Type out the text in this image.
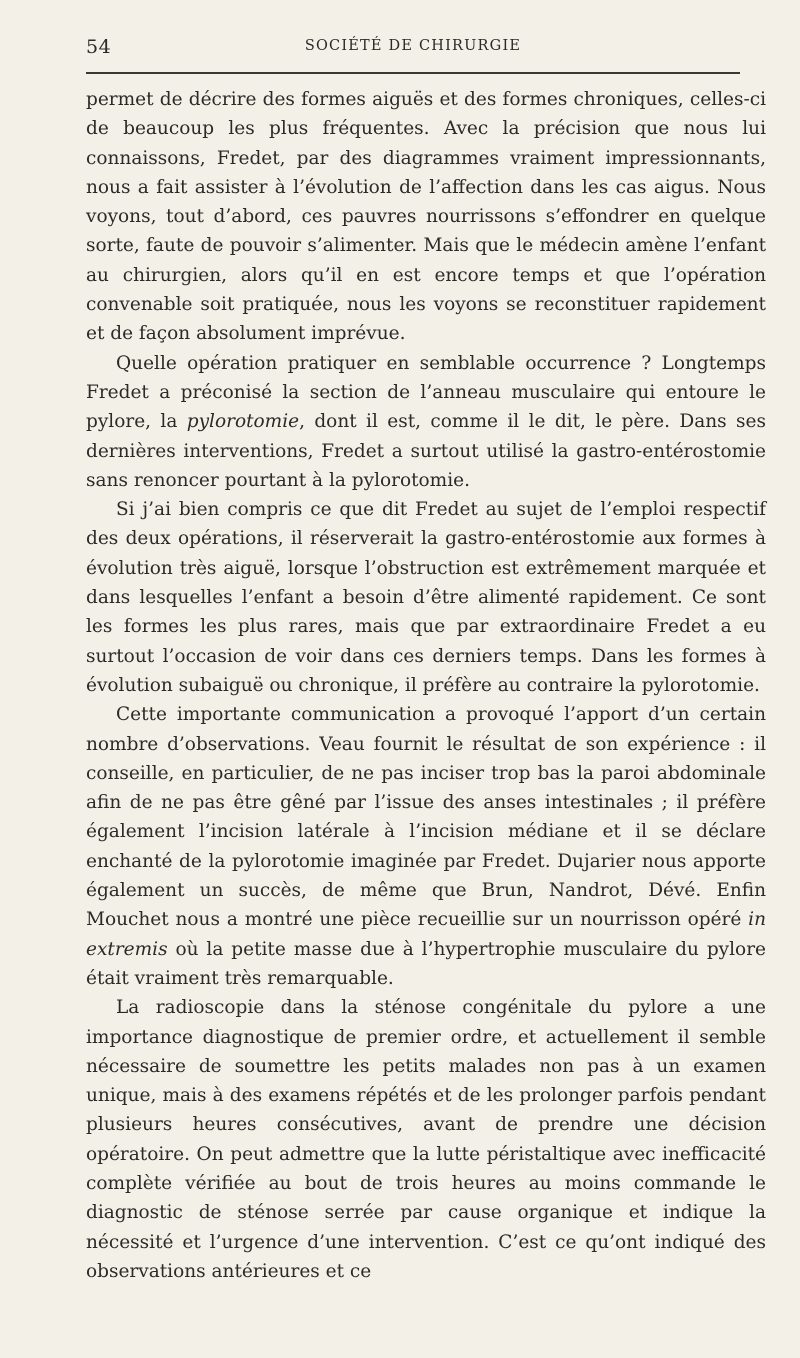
54	SOCIÉTÉ DE CHIRURGIE

permet de décrire des formes aiguës et des formes chroniques, celles-ci de beaucoup les plus fréquentes. Avec la précision que nous lui connaissons, Fredet, par des diagrammes vraiment impressionnants, nous a fait assister à l’évolution de l’affection dans les cas aigus. Nous voyons, tout d’abord, ces pauvres nourrissons s’effondrer en quelque sorte, faute de pouvoir s’alimenter. Mais que le médecin amène l’enfant au chirurgien, alors qu’il en est encore temps et que l’opération convenable soit pratiquée, nous les voyons se reconstituer rapidement et de façon absolument imprévue.

Quelle opération pratiquer en semblable occurrence ? Longtemps Fredet a préconisé la section de l’anneau musculaire qui entoure le pylore, la pylorotomie, dont il est, comme il le dit, le père. Dans ses dernières interventions, Fredet a surtout utilisé la gastro-entérostomie sans renoncer pourtant à la pylorotomie.

Si j’ai bien compris ce que dit Fredet au sujet de l’emploi respectif des deux opérations, il réserverait la gastro-entérostomie aux formes à évolution très aiguë, lorsque l’obstruction est extrêmement marquée et dans lesquelles l’enfant a besoin d’être alimenté rapidement. Ce sont les formes les plus rares, mais que par extraordinaire Fredet a eu surtout l’occasion de voir dans ces derniers temps. Dans les formes à évolution subaiguë ou chronique, il préfère au contraire la pylorotomie.

Cette importante communication a provoqué l’apport d’un certain nombre d’observations. Veau fournit le résultat de son expérience : il conseille, en particulier, de ne pas inciser trop bas la paroi abdominale afin de ne pas être gêné par l’issue des anses intestinales ; il préfère également l’incision latérale à l’incision médiane et il se déclare enchanté de la pylorotomie imaginée par Fredet. Dujarier nous apporte également un succès, de même que Brun, Nandrot, Dévé. Enfin Mouchet nous a montré une pièce recueillie sur un nourrisson opéré in extremis où la petite masse due à l’hypertrophie musculaire du pylore était vraiment très remarquable.

La radioscopie dans la sténose congénitale du pylore a une importance diagnostique de premier ordre, et actuellement il semble nécessaire de soumettre les petits malades non pas à un examen unique, mais à des examens répétés et de les prolonger parfois pendant plusieurs heures consécutives, avant de prendre une décision opératoire. On peut admettre que la lutte péristaltique avec inefficacité complète vérifiée au bout de trois heures au moins commande le diagnostic de sténose serrée par cause organique et indique la nécessité et l’urgence d’une intervention. C’est ce qu’ont indiqué des observations antérieures et ce
